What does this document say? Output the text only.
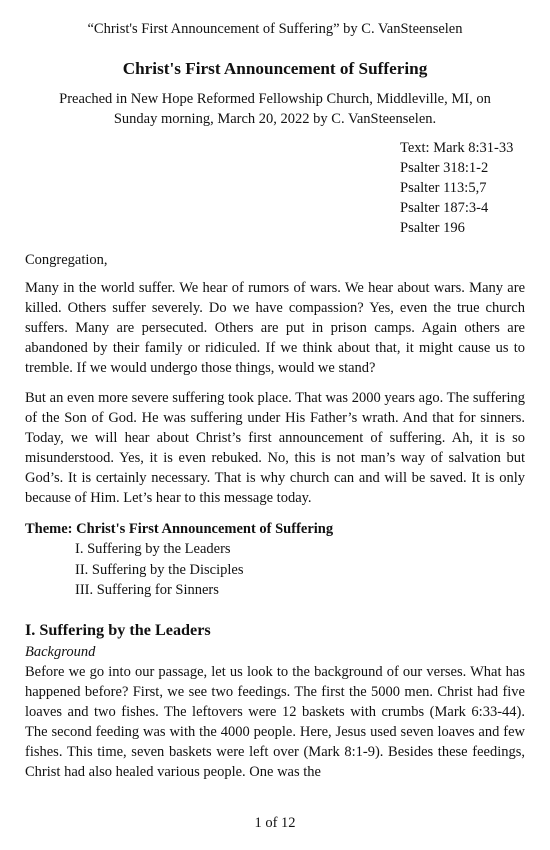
“Christ's First Announcement of Suffering” by C. VanSteenselen
Christ's First Announcement of Suffering
Preached in New Hope Reformed Fellowship Church, Middleville, MI, on Sunday morning, March 20, 2022 by C. VanSteenselen.
Text: Mark 8:31-33
Psalter 318:1-2
Psalter 113:5,7
Psalter 187:3-4
Psalter 196
Congregation,
Many in the world suffer. We hear of rumors of wars. We hear about wars. Many are killed. Others suffer severely. Do we have compassion? Yes, even the true church suffers. Many are persecuted. Others are put in prison camps. Again others are abandoned by their family or ridiculed. If we think about that, it might cause us to tremble. If we would undergo those things, would we stand?
But an even more severe suffering took place. That was 2000 years ago. The suffering of the Son of God. He was suffering under His Father’s wrath. And that for sinners. Today, we will hear about Christ’s first announcement of suffering. Ah, it is so misunderstood. Yes, it is even rebuked. No, this is not man’s way of salvation but God’s. It is certainly necessary. That is why church can and will be saved. It is only because of Him. Let’s hear to this message today.
Theme: Christ's First Announcement of Suffering
I. Suffering by the Leaders
II. Suffering by the Disciples
III. Suffering for Sinners
I. Suffering by the Leaders
Background
Before we go into our passage, let us look to the background of our verses. What has happened before? First, we see two feedings. The first the 5000 men. Christ had five loaves and two fishes. The leftovers were 12 baskets with crumbs (Mark 6:33-44). The second feeding was with the 4000 people. Here, Jesus used seven loaves and few fishes. This time, seven baskets were left over (Mark 8:1-9). Besides these feedings, Christ had also healed various people. One was the
1 of 12
